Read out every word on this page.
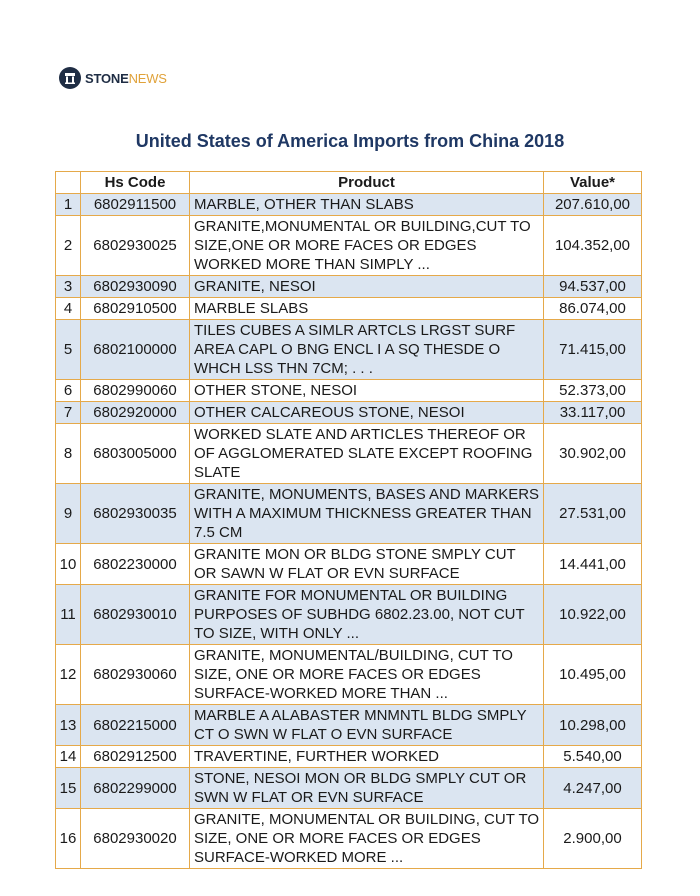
STONENEWS
United States of America Imports from China 2018
	Hs Code	Product	Value*
1	6802911500	MARBLE, OTHER THAN SLABS	207.610,00
2	6802930025	GRANITE,MONUMENTAL OR BUILDING,CUT TO SIZE,ONE OR MORE FACES OR EDGES WORKED MORE THAN SIMPLY ...	104.352,00
3	6802930090	GRANITE, NESOI	94.537,00
4	6802910500	MARBLE SLABS	86.074,00
5	6802100000	TILES CUBES A SIMLR ARTCLS LRGST SURF AREA CAPL O BNG ENCL I A SQ THESDE O WHCH LSS THN 7CM; . . .	71.415,00
6	6802990060	OTHER STONE, NESOI	52.373,00
7	6802920000	OTHER CALCAREOUS STONE, NESOI	33.117,00
8	6803005000	WORKED SLATE AND ARTICLES THEREOF OR OF AGGLOMERATED SLATE EXCEPT ROOFING SLATE	30.902,00
9	6802930035	GRANITE, MONUMENTS, BASES AND MARKERS WITH A MAXIMUM THICKNESS GREATER THAN 7.5 CM	27.531,00
10	6802230000	GRANITE MON OR BLDG STONE SMPLY CUT OR SAWN W FLAT OR EVN SURFACE	14.441,00
11	6802930010	GRANITE FOR MONUMENTAL OR BUILDING PURPOSES OF SUBHDG 6802.23.00, NOT CUT TO SIZE, WITH ONLY ...	10.922,00
12	6802930060	GRANITE, MONUMENTAL/BUILDING, CUT TO SIZE, ONE OR MORE FACES OR EDGES SURFACE-WORKED MORE THAN ...	10.495,00
13	6802215000	MARBLE A ALABASTER MNMNTL BLDG SMPLY CT O SWN W FLAT O EVN SURFACE	10.298,00
14	6802912500	TRAVERTINE, FURTHER WORKED	5.540,00
15	6802299000	STONE, NESOI MON OR BLDG SMPLY CUT OR SWN W FLAT OR EVN SURFACE	4.247,00
16	6802930020	GRANITE, MONUMENTAL OR BUILDING, CUT TO SIZE, ONE OR MORE FACES OR EDGES SURFACE-WORKED MORE ...	2.900,00
